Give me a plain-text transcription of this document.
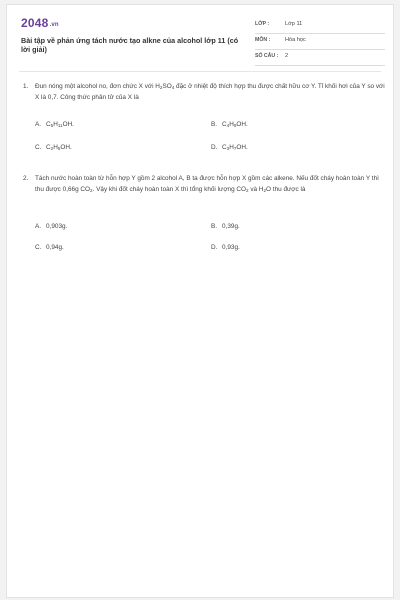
2048.vn
Bài tập về phản ứng tách nước tạo alkne của alcohol lớp 11 (có lời giải)
LỚP :	Lớp 11
MÔN :	Hóa học
SỐ CÂU : 2
1. Đun nóng một alcohol no, đơn chức X với $H_2SO_4$ đặc ở nhiệt độ thích hợp thu được chất hữu cơ Y. Tỉ khối hơi của Y so với X là 0,7. Công thức phân tử của X là
A. $C_5H_{11}OH$.	B. $C_4H_9OH$.
C. $C_2H_5OH$.	D. $C_3H_7OH$.
2. Tách nước hoàn toàn từ hỗn hợp Y gồm 2 alcohol A, B ta được hỗn hợp X gồm các alkene. Nếu đốt cháy hoàn toàn Y thì thu được 0,66g $CO_2$. Vậy khi đốt cháy hoàn toàn X thì tổng khối lượng $CO_2$ và $H_2O$ thu được là
A. 0,903g.	B. 0,39g.
C. 0,94g.	D. 0,93g.
